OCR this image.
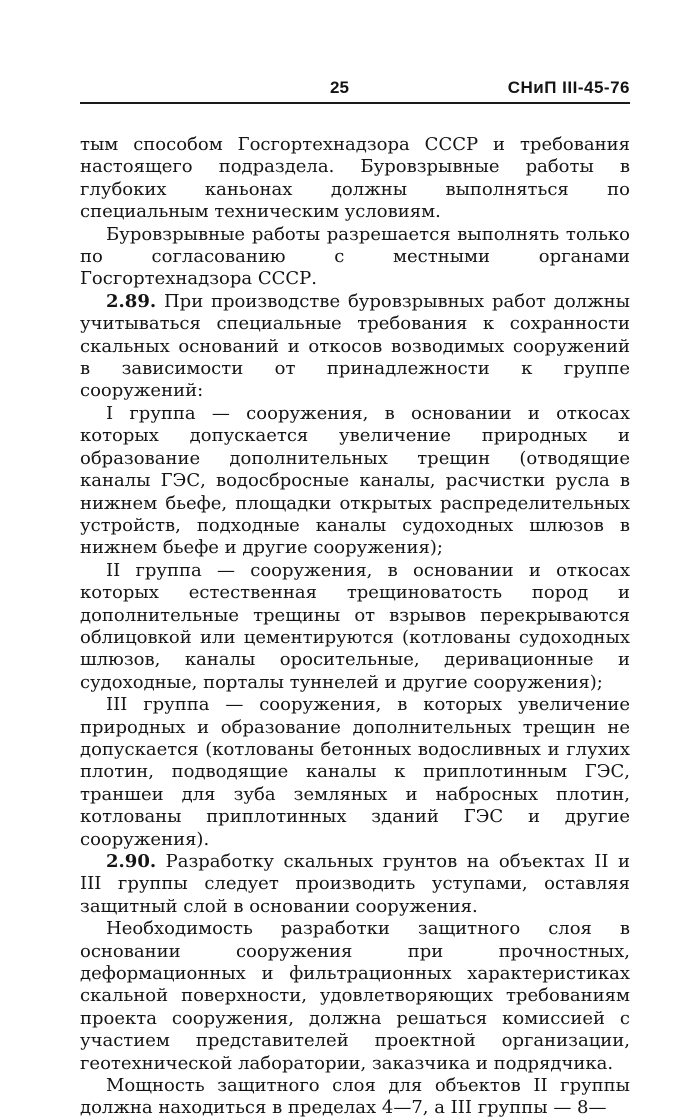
25	СНиП III-45-76

тым способом Госгортехнадзора СССР и требования настоящего подраздела. Буровзрывные работы в глубоких каньонах должны выполняться по специальным техническим условиям.

Буровзрывные работы разрешается выполнять только по согласованию с местными органами Госгортехнадзора СССР.

2.89. При производстве буровзрывных работ должны учитываться специальные требования к сохранности скальных оснований и откосов возводимых сооружений в зависимости от принадлежности к группе сооружений:

I группа — сооружения, в основании и откосах которых допускается увеличение природных и образование дополнительных трещин (отводящие каналы ГЭС, водосбросные каналы, расчистки русла в нижнем бьефе, площадки открытых распределительных устройств, подходные каналы судоходных шлюзов в нижнем бьефе и другие сооружения);

II группа — сооружения, в основании и откосах которых естественная трещиноватость пород и дополнительные трещины от взрывов перекрываются облицовкой или цементируются (котлованы судоходных шлюзов, каналы оросительные, деривационные и судоходные, порталы туннелей и другие сооружения);

III группа — сооружения, в которых увеличение природных и образование дополнительных трещин не допускается (котлованы бетонных водосливных и глухих плотин, подводящие каналы к приплотинным ГЭС, траншеи для зуба земляных и набросных плотин, котлованы приплотинных зданий ГЭС и другие сооружения).

2.90. Разработку скальных грунтов на объектах II и III группы следует производить уступами, оставляя защитный слой в основании сооружения.

Необходимость разработки защитного слоя в основании сооружения при прочностных, деформационных и фильтрационных характеристиках скальной поверхности, удовлетворяющих требованиям проекта сооружения, должна решаться комиссией с участием представителей проектной организации, геотехнической лаборатории, заказчика и подрядчика.

Мощность защитного слоя для объектов II группы должна находиться в пределах 4—7, а III группы — 8—
